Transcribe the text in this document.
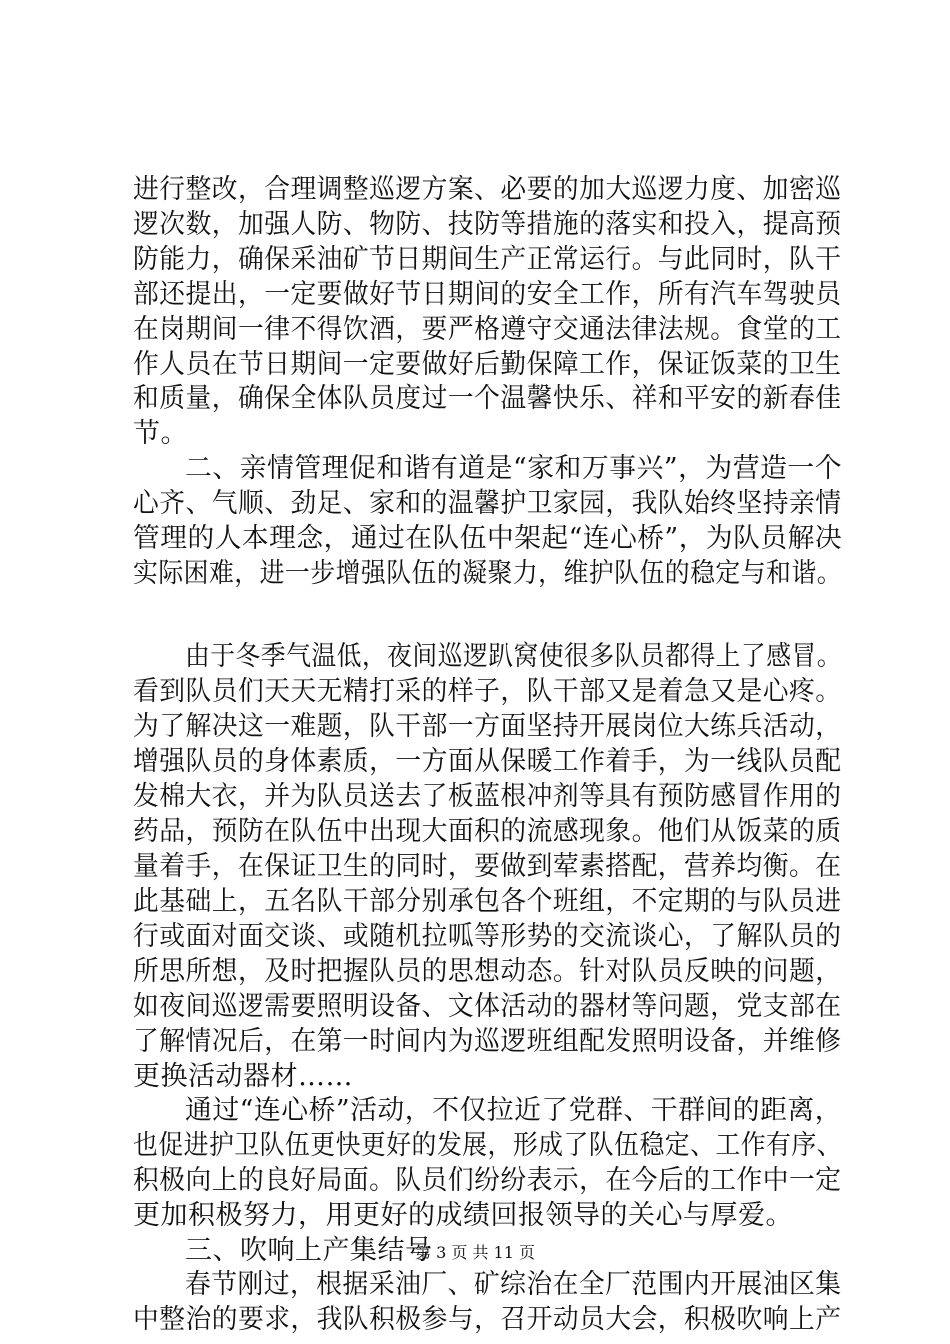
进行整改，合理调整巡逻方案、必要的加大巡逻力度、加密巡
逻次数，加强人防、物防、技防等措施的落实和投入，提高预
防能力，确保采油矿节日期间生产正常运行。与此同时，队干
部还提出，一定要做好节日期间的安全工作，所有汽车驾驶员
在岗期间一律不得饮酒，要严格遵守交通法律法规。食堂的工
作人员在节日期间一定要做好后勤保障工作，保证饭菜的卫生
和质量，确保全体队员度过一个温馨快乐、祥和平安的新春佳
节。
二、亲情管理促和谐有道是“家和万事兴”，为营造一个
心齐、气顺、劲足、家和的温馨护卫家园，我队始终坚持亲情
管理的人本理念，通过在队伍中架起“连心桥”，为队员解决
实际困难，进一步增强队伍的凝聚力，维护队伍的稳定与和谐。
由于冬季气温低，夜间巡逻趴窝使很多队员都得上了感冒。
看到队员们天天无精打采的样子，队干部又是着急又是心疼。
为了解决这一难题，队干部一方面坚持开展岗位大练兵活动，
增强队员的身体素质，一方面从保暖工作着手，为一线队员配
发棉大衣，并为队员送去了板蓝根冲剂等具有预防感冒作用的
药品，预防在队伍中出现大面积的流感现象。他们从饭菜的质
量着手，在保证卫生的同时，要做到荤素搭配，营养均衡。在
此基础上，五名队干部分别承包各个班组，不定期的与队员进
行或面对面交谈、或随机拉呱等形势的交流谈心，了解队员的
所思所想，及时把握队员的思想动态。针对队员反映的问题，
如夜间巡逻需要照明设备、文体活动的器材等问题，党支部在
了解情况后，在第一时间内为巡逻班组配发照明设备，并维修
更换活动器材……
通过“连心桥”活动，不仅拉近了党群、干群间的距离，
也促进护卫队伍更快更好的发展，形成了队伍稳定、工作有序、
积极向上的良好局面。队员们纷纷表示，在今后的工作中一定
更加积极努力，用更好的成绩回报领导的关心与厚爱。
三、吹响上产集结号
春节刚过，根据采油厂、矿综治在全厂范围内开展油区集
中整治的要求，我队积极参与，召开动员大会，积极吹响上产
第 3 页 共 11 页
